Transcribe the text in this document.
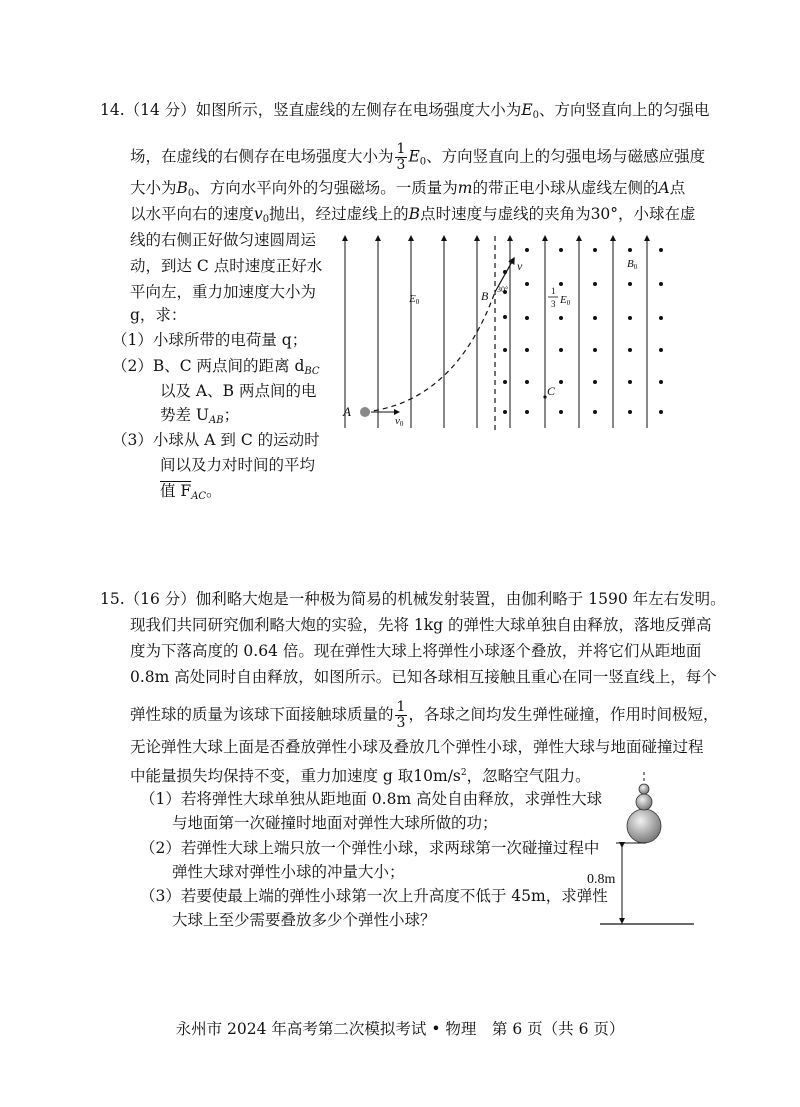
14.（14 分）如图所示，竖直虚线的左侧存在电场强度大小为$E_0$、方向竖直向上的匀强电
场，在虚线的右侧存在电场强度大小为 $\frac{1}{3} E_0$、方向竖直向上的匀强电场与磁感应强度
大小为$B_0$、方向水平向外的匀强磁场。一质量为m的带正电小球从虚线左侧的A点
以水平向右的速度$v_0$抛出，经过虚线上的B点时速度与虚线的夹角为30°，小球在虚
线的右侧正好做匀速圆周运
动，到达 C 点时速度正好水
平向左，重力加速度大小为
g，求：
（1）小球所带的电荷量 q；
（2）B、C 两点间的距离 $d_{BC}$
以及 A、B 两点间的电
势差 $U_{AB}$；
（3）小球从 A 到 C 的运动时
间以及力对时间的平均
值 $F_{AC}$。
E0
B0
B
v
v0
A
C
30°	1
3 E0
15.（16 分）伽利略大炮是一种极为简易的机械发射装置，由伽利略于 1590 年左右发明。
现我们共同研究伽利略大炮的实验，先将 1kg 的弹性大球单独自由释放，落地反弹高
度为下落高度的 0.64 倍。现在弹性大球上将弹性小球逐个叠放，并将它们从距地面
0.8m 高处同时自由释放，如图所示。已知各球相互接触且重心在同一竖直线上，每个
弹性球的质量为该球下面接触球质量的 $\frac{1}{3}$ ，各球之间均发生弹性碰撞，作用时间极短，
无论弹性大球上面是否叠放弹性小球及叠放几个弹性小球，弹性大球与地面碰撞过程
中能量损失均保持不变，重力加速度 g 取$10m/s^2$，忽略空气阻力。
（1）若将弹性大球单独从距地面 0.8m 高处自由释放，求弹性大球
与地面第一次碰撞时地面对弹性大球所做的功；
（2）若弹性大球上端只放一个弹性小球，求两球第一次碰撞过程中
弹性大球对弹性小球的冲量大小；
（3）若要使最上端的弹性小球第一次上升高度不低于 45m，求弹性
大球上至少需要叠放多少个弹性小球？
0.8m
永州市 2024 年高考第二次模拟考试 • 物理　第 6 页（共 6 页）
